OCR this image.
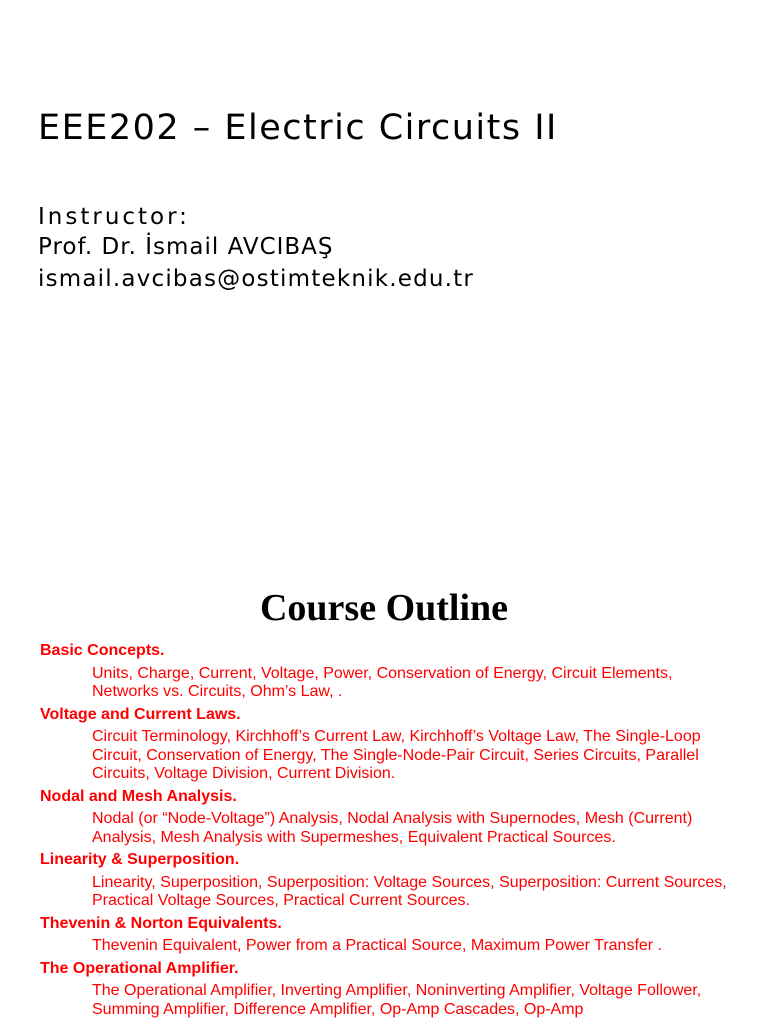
EEE202 – Electric Circuits II
Instructor:
Prof. Dr. İsmail AVCIBAŞ
ismail.avcibas@ostimteknik.edu.tr
Course Outline
Basic Concepts.
Units, Charge, Current, Voltage, Power, Conservation of Energy, Circuit Elements, Networks vs. Circuits, Ohm’s Law, .
Voltage and Current Laws.
Circuit Terminology, Kirchhoff’s Current Law, Kirchhoff’s Voltage Law, The Single-Loop Circuit, Conservation of Energy, The Single-Node-Pair Circuit, Series Circuits, Parallel Circuits, Voltage Division, Current Division.
Nodal and Mesh Analysis.
Nodal (or “Node-Voltage”) Analysis, Nodal Analysis with Supernodes, Mesh (Current) Analysis, Mesh Analysis with Supermeshes, Equivalent Practical Sources.
Linearity & Superposition.
Linearity, Superposition, Superposition: Voltage Sources, Superposition: Current Sources, Practical Voltage Sources, Practical Current Sources.
Thevenin & Norton Equivalents.
Thevenin Equivalent, Power from a Practical Source, Maximum Power Transfer .
The Operational Amplifier.
The Operational Amplifier, Inverting Amplifier, Noninverting Amplifier, Voltage Follower, Summing Amplifier, Difference Amplifier, Op-Amp Cascades, Op-Amp
